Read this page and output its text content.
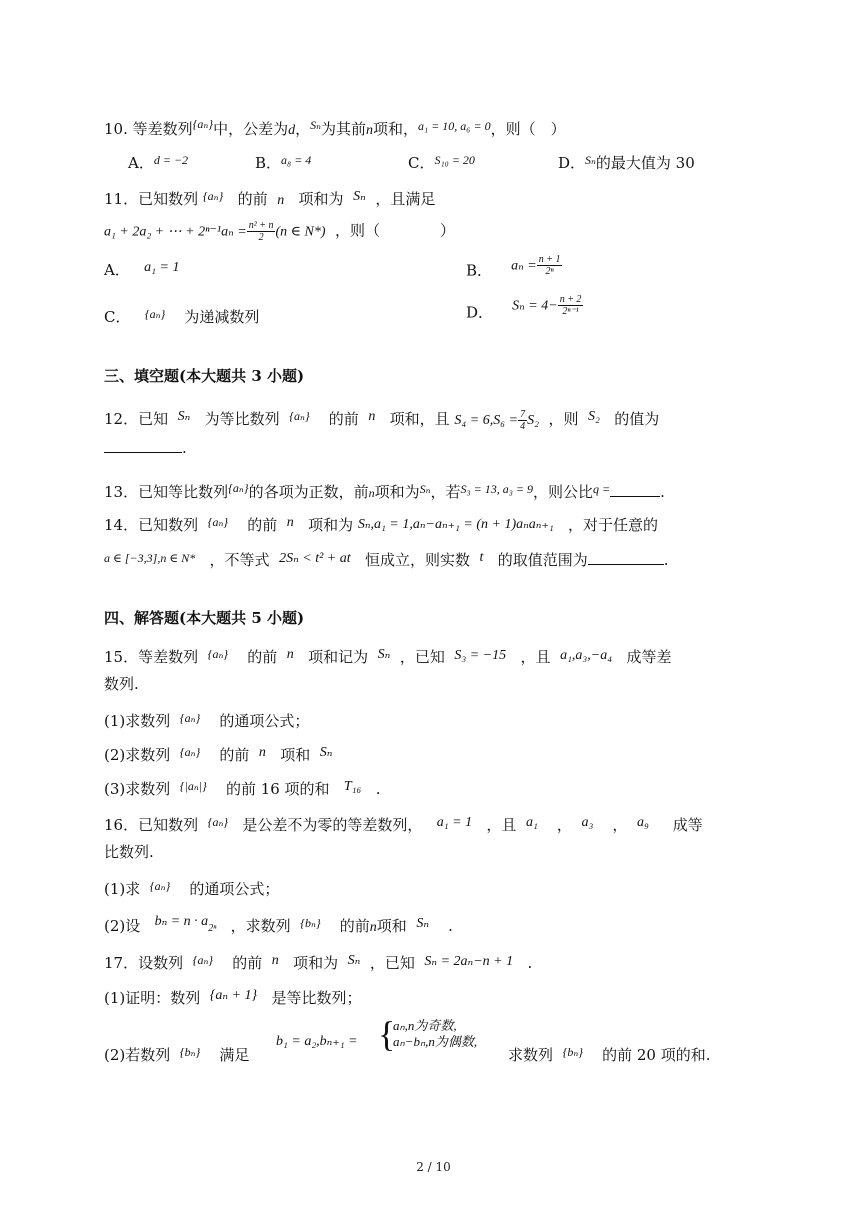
10. 等差数列$^{\{a_n\}}$中，公差为d，$^{S_n}$为其前n项和，$^{a_1 = 10, a_6 = 0}$，则（　）
A．$^{d = -2}$	B．$^{a_8 = 4}$	C．$^{S_{10} = 20}$	D．$^{S_n}$的最大值为 30
11．已知数列 $^{\{a_n\}}$ 的前 n 项和为 Sₙ ，且满足
a₁ + 2a₂ + ⋯ + $2^{n-1}a_n = \frac{\text{n² + n}}{2} (n$ ∈ N*) ，则（　　　　）
A． a₁ = 1	B． $a_n = \frac{n + 1}{\text{2ⁿ}}$
C． $^{\{a_n\}}$ 为递减数列	D． $S_n = 4- \frac{n + 2}{\text{2ⁿ⁻¹}}$
三、填空题(本大题共 3 小题)
12．已知 Sₙ 为等比数列 $^{\{a_n\}}$ 的前 n 项和，且 $S_4 = 6,S_6 = \frac{7}{4} S_2$ ，则 S₂ 的值为
.
13．已知等比数列$^{\{a_n\}}$的各项为正数，前n项和为$^{S_n}$，若$^{S_3 = 13, a_3 = 9}$，则公比$^{q =}$	.
14．已知数列 $^{\{a_n\}}$ 的前 n 项和为 Sₙ,a₁ = 1,aₙ−aₙ₊₁ = (n + 1)aₙaₙ₊₁ ，对于任意的
$^{a \in [-3,3],n \in N*}$ ，不等式 2Sₙ < t² + at 恒成立，则实数 t 的取值范围为	.
四、解答题(本大题共 5 小题)
15．等差数列 $^{\{a_n\}}$ 的前 n 项和记为 Sₙ ，已知 S₃ = −15 ，且 a₁,a₃,−a₄ 成等差
数列.
(1)求数列 $^{\{a_n\}}$ 的通项公式；
(2)求数列 $^{\{a_n\}}$ 的前 n 项和 Sₙ
(3)求数列 $^{\{|a_n|\}}$ 的前 16 项的和 T₁₆ .
16．已知数列 $^{\{a_n\}}$ 是公差不为零的等差数列， a₁ = 1 ，且 a₁ ， a₃ ， a₉ 成等
比数列.
(1)求 $^{\{a_n\}}$ 的通项公式；
(2)设 bₙ = n · a2ⁿ ，求数列 $^{\{b_n\}}$ 的前n项和 Sₙ .
17．设数列 $^{\{a_n\}}$ 的前 n 项和为 Sₙ ，已知 Sₙ = 2aₙ−n + 1 .
(1)证明：数列 {aₙ + 1} 是等比数列；
(2)若数列 $^{\{b_n\}}$ 满足
b₁ = a₂,bₙ₊₁ = {
aₙ,n为奇数,
aₙ−bₙ,n为偶数,
求数列 $^{\{b_n\}}$ 的前 20 项的和.
2 / 10
